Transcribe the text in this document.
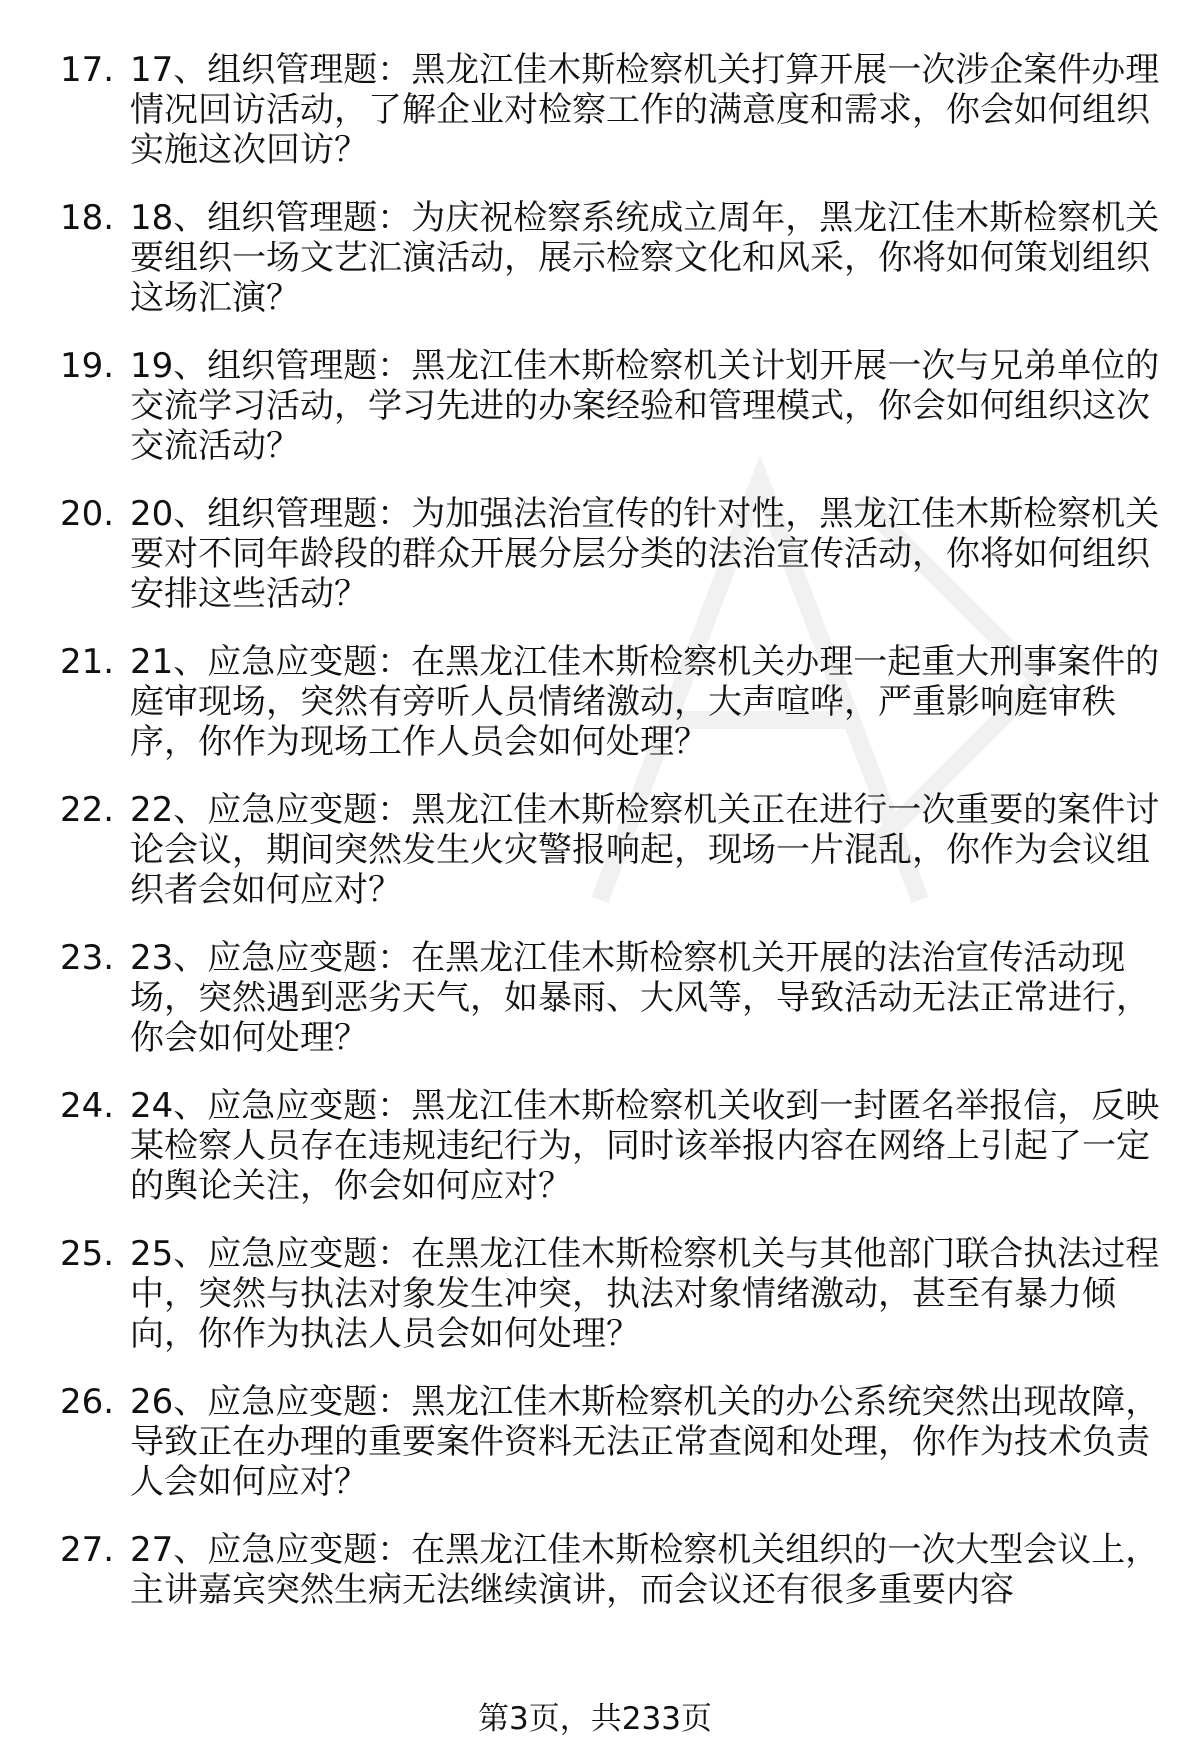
17. 17、组织管理题：黑龙江佳木斯检察机关打算开展一次涉企案件办理情况回访活动，了解企业对检察工作的满意度和需求，你会如何组织实施这次回访？
18. 18、组织管理题：为庆祝检察系统成立周年，黑龙江佳木斯检察机关要组织一场文艺汇演活动，展示检察文化和风采，你将如何策划组织这场汇演？
19. 19、组织管理题：黑龙江佳木斯检察机关计划开展一次与兄弟单位的交流学习活动，学习先进的办案经验和管理模式，你会如何组织这次交流活动？
20. 20、组织管理题：为加强法治宣传的针对性，黑龙江佳木斯检察机关要对不同年龄段的群众开展分层分类的法治宣传活动，你将如何组织安排这些活动？
21. 21、应急应变题：在黑龙江佳木斯检察机关办理一起重大刑事案件的庭审现场，突然有旁听人员情绪激动，大声喧哗，严重影响庭审秩序，你作为现场工作人员会如何处理？
22. 22、应急应变题：黑龙江佳木斯检察机关正在进行一次重要的案件讨论会议，期间突然发生火灾警报响起，现场一片混乱，你作为会议组织者会如何应对？
23. 23、应急应变题：在黑龙江佳木斯检察机关开展的法治宣传活动现场，突然遇到恶劣天气，如暴雨、大风等，导致活动无法正常进行，你会如何处理？
24. 24、应急应变题：黑龙江佳木斯检察机关收到一封匿名举报信，反映某检察人员存在违规违纪行为，同时该举报内容在网络上引起了一定的舆论关注，你会如何应对？
25. 25、应急应变题：在黑龙江佳木斯检察机关与其他部门联合执法过程中，突然与执法对象发生冲突，执法对象情绪激动，甚至有暴力倾向，你作为执法人员会如何处理？
26. 26、应急应变题：黑龙江佳木斯检察机关的办公系统突然出现故障，导致正在办理的重要案件资料无法正常查阅和处理，你作为技术负责人会如何应对？
27. 27、应急应变题：在黑龙江佳木斯检察机关组织的一次大型会议上，主讲嘉宾突然生病无法继续演讲，而会议还有很多重要内容
第3页，共233页
